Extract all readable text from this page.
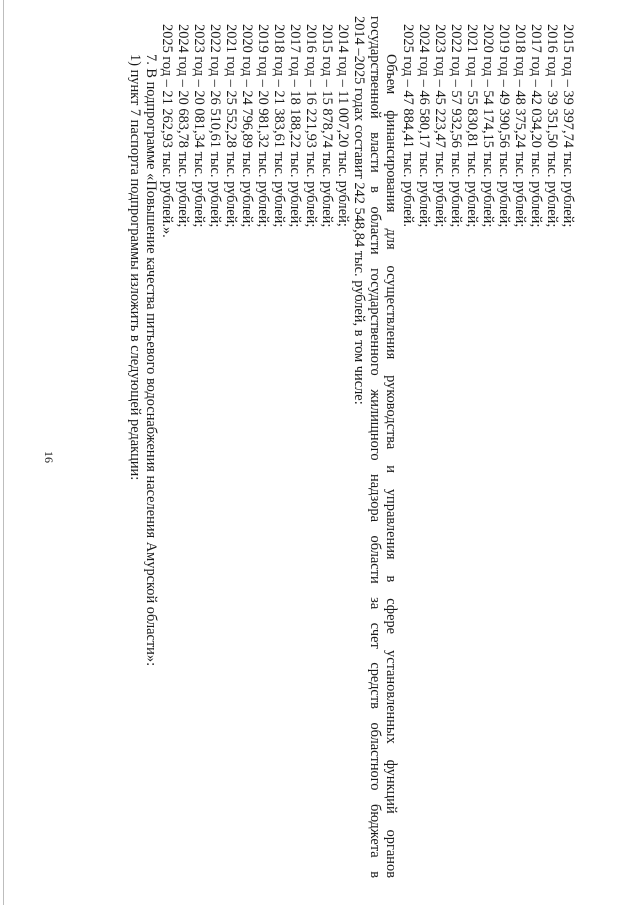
16
2015 год – 39 397,74 тыс. рублей;
2016 год – 39 351,50 тыс. рублей;
2017 год – 42 034,20 тыс. рублей;
2018 год – 48 375,24 тыс. рублей;
2019 год – 49 390,56 тыс. рублей;
2020 год – 54 174,15 тыс. рублей;
2021 год – 55 830,81 тыс. рублей;
2022 год – 57 932,56 тыс. рублей;
2023 год – 45 223,47 тыс. рублей;
2024 год – 46 580,17 тыс. рублей;
2025 год – 47 884,41 тыс. рублей.
Объем финансирования для осуществления руководства и управления в сфере установленных функций органов
государственной власти в области государственного жилищного надзора области за счет средств областного бюджета в
2014 –2025 годах составит 242 548,84 тыс. рублей, в том числе:
2014 год – 11 007,20 тыс. рублей;
2015 год – 15 878,74 тыс. рублей;
2016 год – 16 221,93 тыс. рублей;
2017 год – 18 188,22 тыс. рублей;
2018 год – 21 383,61 тыс. рублей;
2019 год – 20 981,32 тыс. рублей;
2020 год – 24 796,89 тыс. рублей;
2021 год – 25 552,28 тыс. рублей;
2022 год – 26 510,61 тыс. рублей;
2023 год – 20 081,34 тыс. рублей;
2024 год – 20 683,78 тыс. рублей;
2025 год – 21 262,93 тыс. рублей.».
7. В подпрограмме «Повышение качества питьевого водоснабжения населения Амурской области»:
1) пункт 7 паспорта подпрограммы изложить в следующей редакции:
